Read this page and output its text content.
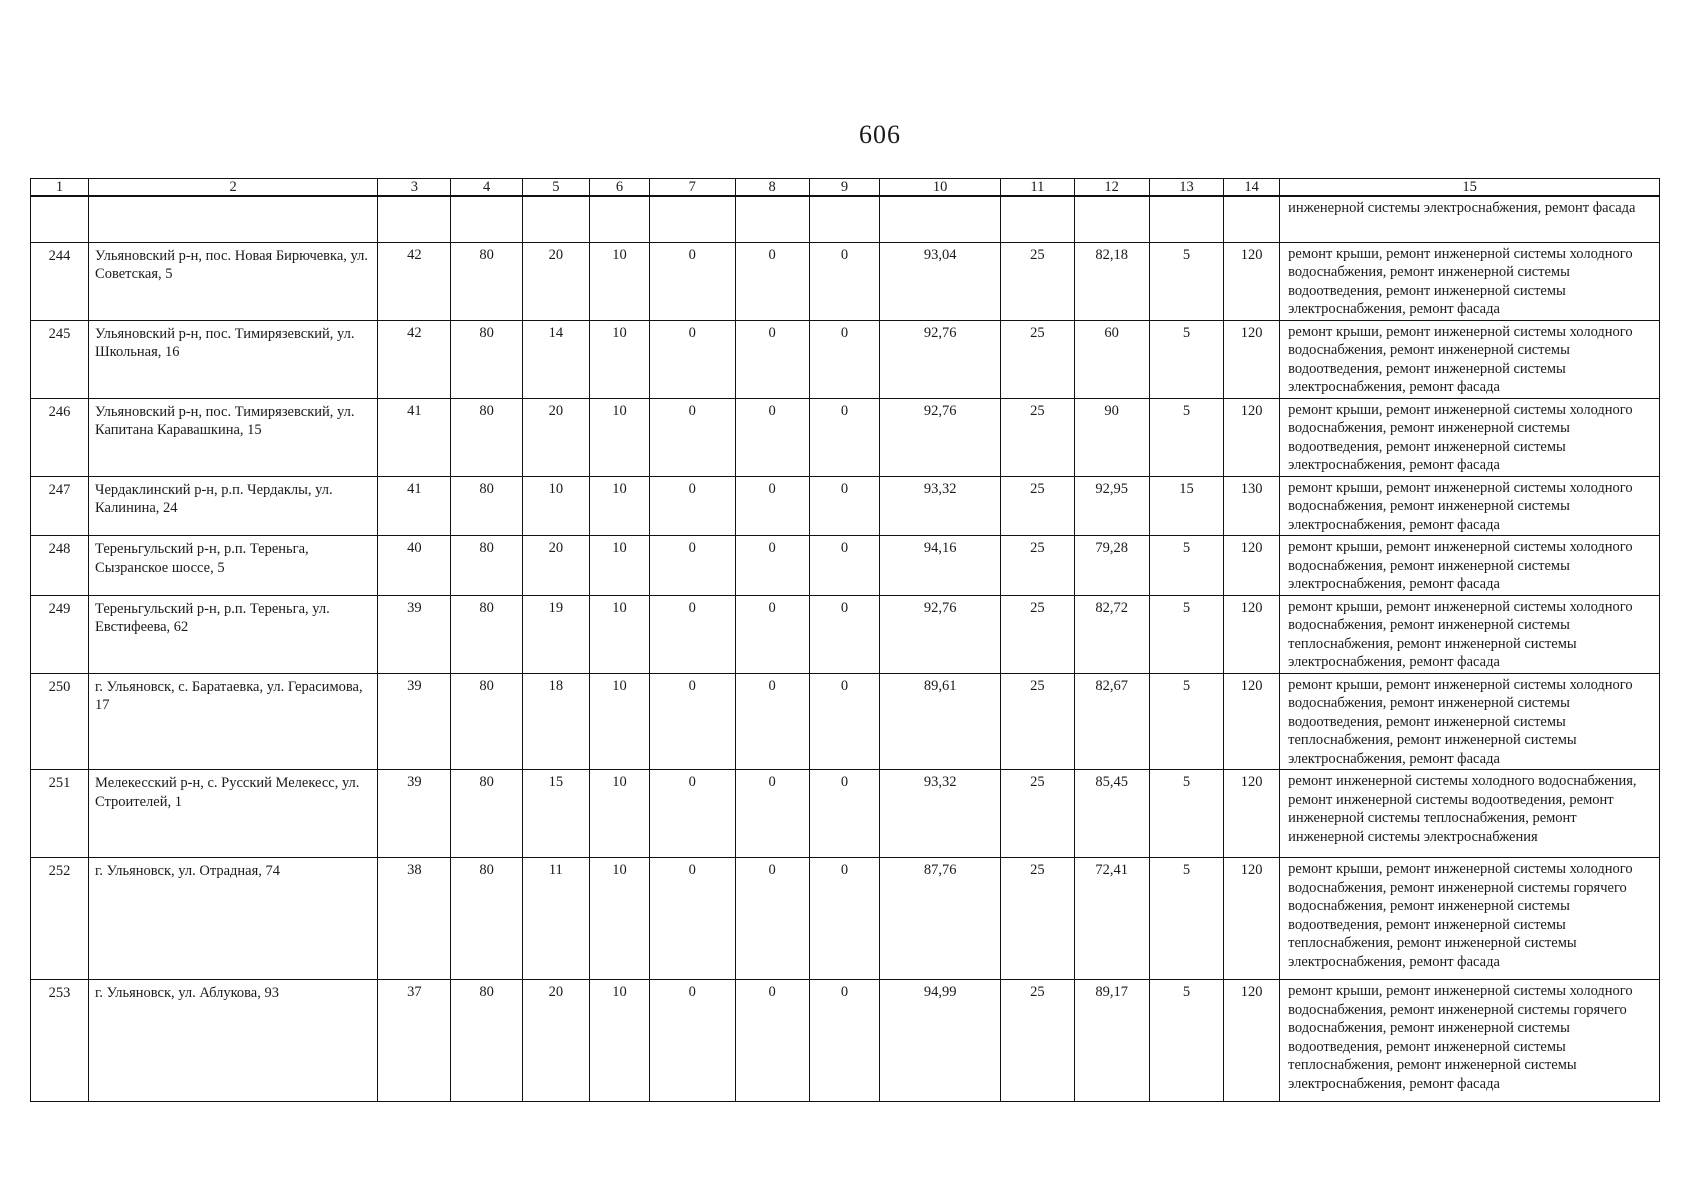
606
1	2	3	4	5	6	7	8	9	10	11	12	13	14	15
														инженерной системы электроснабжения, ремонт фасада
244	Ульяновский р-н, пос. Новая Бирючевка, ул. Советская, 5	42	80	20	10	0	0	0	93,04	25	82,18	5	120	ремонт крыши, ремонт инженерной системы холодного водоснабжения, ремонт инженерной системы водоотведения, ремонт инженерной системы электроснабжения, ремонт фасада
245	Ульяновский р-н, пос. Тимирязевский, ул. Школьная, 16	42	80	14	10	0	0	0	92,76	25	60	5	120	ремонт крыши, ремонт инженерной системы холодного водоснабжения, ремонт инженерной системы водоотведения, ремонт инженерной системы электроснабжения, ремонт фасада
246	Ульяновский р-н, пос. Тимирязевский, ул. Капитана Каравашкина, 15	41	80	20	10	0	0	0	92,76	25	90	5	120	ремонт крыши, ремонт инженерной системы холодного водоснабжения, ремонт инженерной системы водоотведения, ремонт инженерной системы электроснабжения, ремонт фасада
247	Чердаклинский р-н, р.п. Чердаклы, ул. Калинина, 24	41	80	10	10	0	0	0	93,32	25	92,95	15	130	ремонт крыши, ремонт инженерной системы холодного водоснабжения, ремонт инженерной системы электроснабжения, ремонт фасада
248	Тереньгульский р-н, р.п. Тереньга, Сызранское шоссе, 5	40	80	20	10	0	0	0	94,16	25	79,28	5	120	ремонт крыши, ремонт инженерной системы холодного водоснабжения, ремонт инженерной системы электроснабжения, ремонт фасада
249	Тереньгульский р-н, р.п. Тереньга, ул. Евстифеева, 62	39	80	19	10	0	0	0	92,76	25	82,72	5	120	ремонт крыши, ремонт инженерной системы холодного водоснабжения, ремонт инженерной системы теплоснабжения, ремонт инженерной системы электроснабжения, ремонт фасада
250	г. Ульяновск, с. Баратаевка, ул. Герасимова, 17	39	80	18	10	0	0	0	89,61	25	82,67	5	120	ремонт крыши, ремонт инженерной системы холодного водоснабжения, ремонт инженерной системы водоотведения, ремонт инженерной системы теплоснабжения, ремонт инженерной системы электроснабжения, ремонт фасада
251	Мелекесский р-н, с. Русский Мелекесс, ул. Строителей, 1	39	80	15	10	0	0	0	93,32	25	85,45	5	120	ремонт инженерной системы холодного водоснабжения, ремонт инженерной системы водоотведения, ремонт инженерной системы теплоснабжения, ремонт инженерной системы электроснабжения
252	г. Ульяновск, ул. Отрадная, 74	38	80	11	10	0	0	0	87,76	25	72,41	5	120	ремонт крыши, ремонт инженерной системы холодного водоснабжения, ремонт инженерной системы горячего водоснабжения, ремонт инженерной системы водоотведения, ремонт инженерной системы теплоснабжения, ремонт инженерной системы электроснабжения, ремонт фасада
253	г. Ульяновск, ул. Аблукова, 93	37	80	20	10	0	0	0	94,99	25	89,17	5	120	ремонт крыши, ремонт инженерной системы холодного водоснабжения, ремонт инженерной системы горячего водоснабжения, ремонт инженерной системы водоотведения, ремонт инженерной системы теплоснабжения, ремонт инженерной системы электроснабжения, ремонт фасада
